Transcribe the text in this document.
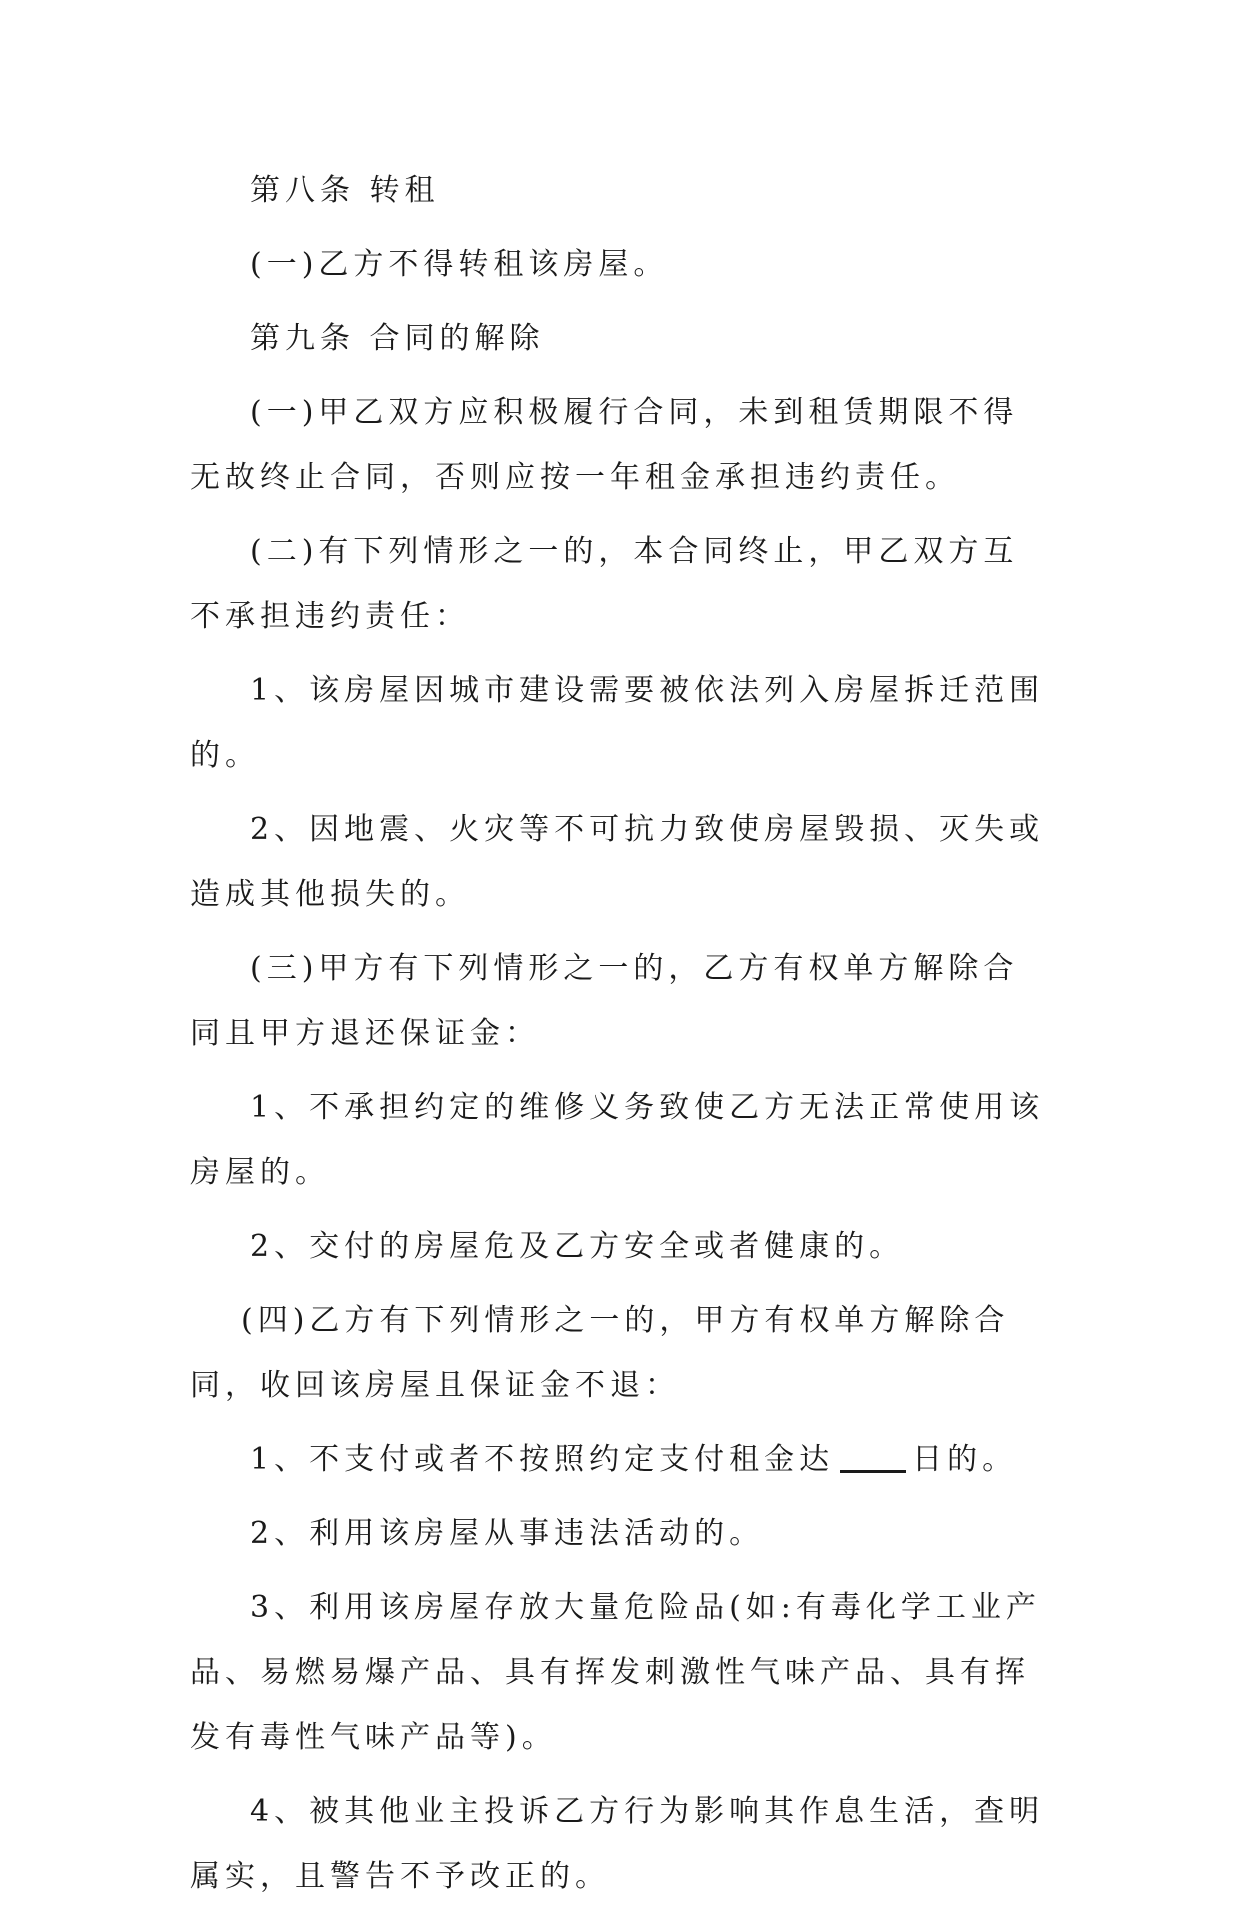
第八条 转租

(一)乙方不得转租该房屋。

第九条 合同的解除

(一)甲乙双方应积极履行合同，未到租赁期限不得无故终止合同，否则应按一年租金承担违约责任。

(二)有下列情形之一的，本合同终止，甲乙双方互不承担违约责任：

1、该房屋因城市建设需要被依法列入房屋拆迁范围的。

2、因地震、火灾等不可抗力致使房屋毁损、灭失或造成其他损失的。

(三)甲方有下列情形之一的，乙方有权单方解除合同且甲方退还保证金：

1、不承担约定的维修义务致使乙方无法正常使用该房屋的。

2、交付的房屋危及乙方安全或者健康的。

(四)乙方有下列情形之一的，甲方有权单方解除合同，收回该房屋且保证金不退：

1、不支付或者不按照约定支付租金达	日的。

2、利用该房屋从事违法活动的。

3、利用该房屋存放大量危险品(如:有毒化学工业产品、易燃易爆产品、具有挥发刺激性气味产品、具有挥发有毒性气味产品等)。

4、被其他业主投诉乙方行为影响其作息生活，查明属实，且警告不予改正的。
